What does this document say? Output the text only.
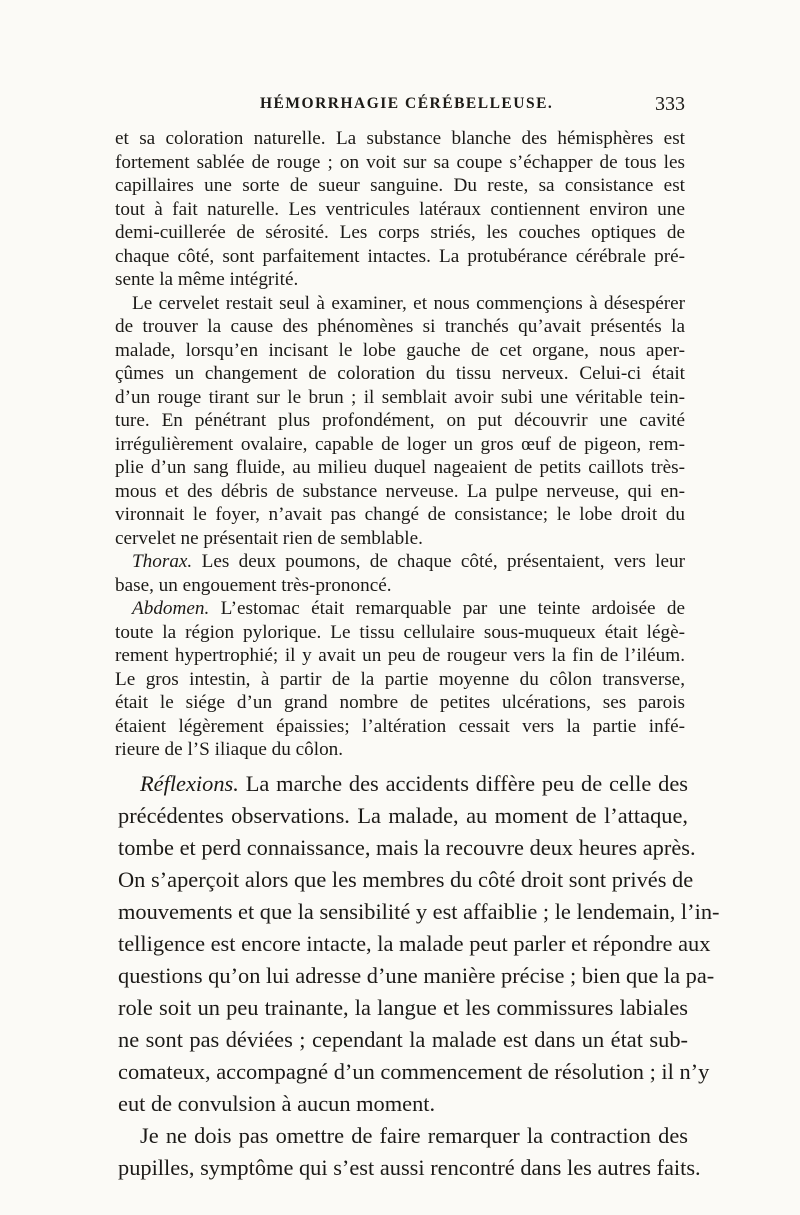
HÉMORRHAGIE CÉRÉBELLEUSE.	333
et sa coloration naturelle. La substance blanche des hémisphères est
fortement sablée de rouge ; on voit sur sa coupe s’échapper de tous les
capillaires une sorte de sueur sanguine. Du reste, sa consistance est
tout à fait naturelle. Les ventricules latéraux contiennent environ une
demi-cuillerée de sérosité. Les corps striés, les couches optiques de
chaque côté, sont parfaitement intactes. La protubérance cérébrale pré-
sente la même intégrité.
Le cervelet restait seul à examiner, et nous commençions à désespérer
de trouver la cause des phénomènes si tranchés qu’avait présentés la
malade, lorsqu’en incisant le lobe gauche de cet organe, nous aper-
çûmes un changement de coloration du tissu nerveux. Celui-ci était
d’un rouge tirant sur le brun ; il semblait avoir subi une véritable tein-
ture. En pénétrant plus profondément, on put découvrir une cavité
irrégulièrement ovalaire, capable de loger un gros œuf de pigeon, rem-
plie d’un sang fluide, au milieu duquel nageaient de petits caillots très-
mous et des débris de substance nerveuse. La pulpe nerveuse, qui en-
vironnait le foyer, n’avait pas changé de consistance; le lobe droit du
cervelet ne présentait rien de semblable.
Thorax. Les deux poumons, de chaque côté, présentaient, vers leur
base, un engouement très-prononcé.
Abdomen. L’estomac était remarquable par une teinte ardoisée de
toute la région pylorique. Le tissu cellulaire sous-muqueux était légè-
rement hypertrophié; il y avait un peu de rougeur vers la fin de l’iléum.
Le gros intestin, à partir de la partie moyenne du côlon transverse,
était le siége d’un grand nombre de petites ulcérations, ses parois
étaient légèrement épaissies; l’altération cessait vers la partie infé-
rieure de l’S iliaque du côlon.
Réflexions. La marche des accidents diffère peu de celle des
précédentes observations. La malade, au moment de l’attaque,
tombe et perd connaissance, mais la recouvre deux heures après.
On s’aperçoit alors que les membres du côté droit sont privés de
mouvements et que la sensibilité y est affaiblie ; le lendemain, l’in-
telligence est encore intacte, la malade peut parler et répondre aux
questions qu’on lui adresse d’une manière précise ; bien que la pa-
role soit un peu trainante, la langue et les commissures labiales
ne sont pas déviées ; cependant la malade est dans un état sub-
comateux, accompagné d’un commencement de résolution ; il n’y
eut de convulsion à aucun moment.
Je ne dois pas omettre de faire remarquer la contraction des
pupilles, symptôme qui s’est aussi rencontré dans les autres faits.
